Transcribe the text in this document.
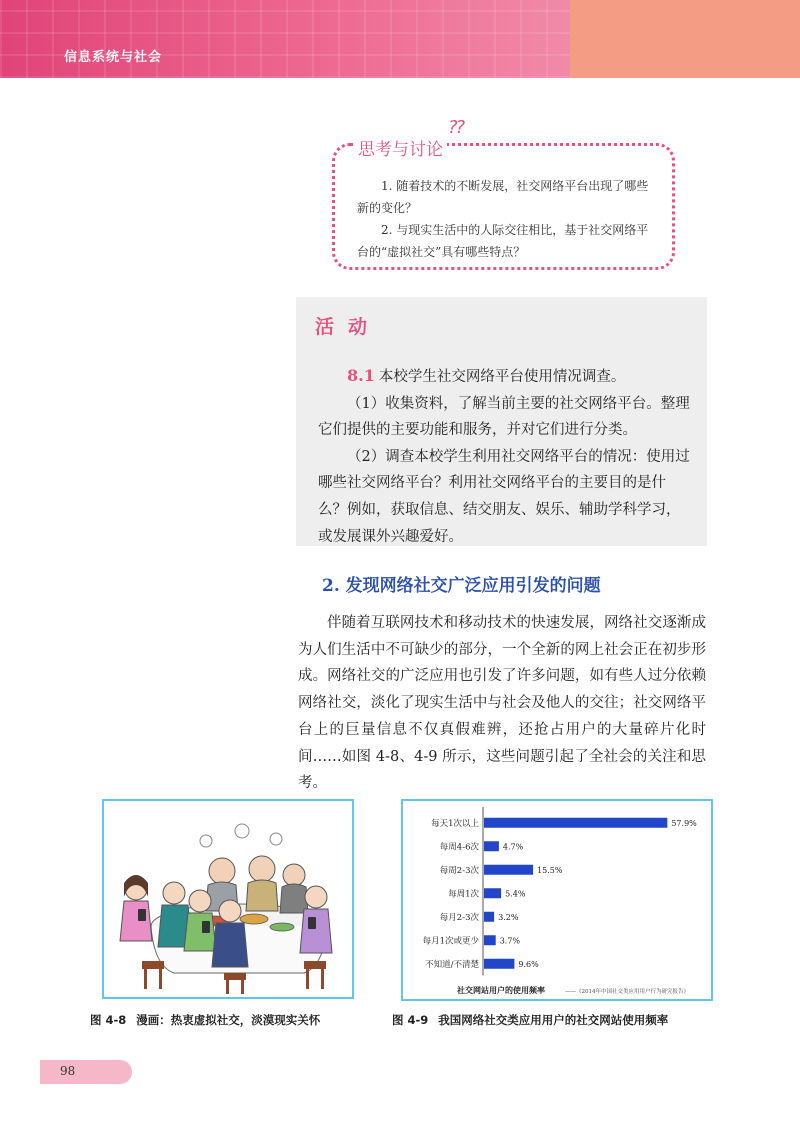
信息系统与社会
思考与讨论
??

1. 随着技术的不断发展，社交网络平台出现了哪些新的变化？

2. 与现实生活中的人际交往相比，基于社交网络平台的“虚拟社交”具有哪些特点？

活动

8.1 本校学生社交网络平台使用情况调查。

（1）收集资料，了解当前主要的社交网络平台。整理它们提供的主要功能和服务，并对它们进行分类。

（2）调查本校学生利用社交网络平台的情况：使用过哪些社交网络平台？利用社交网络平台的主要目的是什么？例如，获取信息、结交朋友、娱乐、辅助学科学习，或发展课外兴趣爱好。

2. 发现网络社交广泛应用引发的问题

伴随着互联网技术和移动技术的快速发展，网络社交逐渐成为人们生活中不可缺少的部分，一个全新的网上社会正在初步形成。网络社交的广泛应用也引发了许多问题，如有些人过分依赖网络社交，淡化了现实生活中与社会及他人的交往；社交网络平台上的巨量信息不仅真假难辨，还抢占用户的大量碎片化时间……如图 4-8、4-9 所示，这些问题引起了全社会的关注和思考。

图 4-8 漫画：热衷虚拟社交，淡漠现实关怀
每天1次以上	57.9%
每周4-6次	4.7%
每周2-3次	15.5%
每周1次	5.4%
每月2-3次 3.2%
每月1次或更少	3.7%
不知道/不清楚	9.6%
社交网站用户的使用频率	——《2014年中国社交类应用用户行为研究报告》
图 4-9 我国网络社交类应用用户的社交网站使用频率
98
